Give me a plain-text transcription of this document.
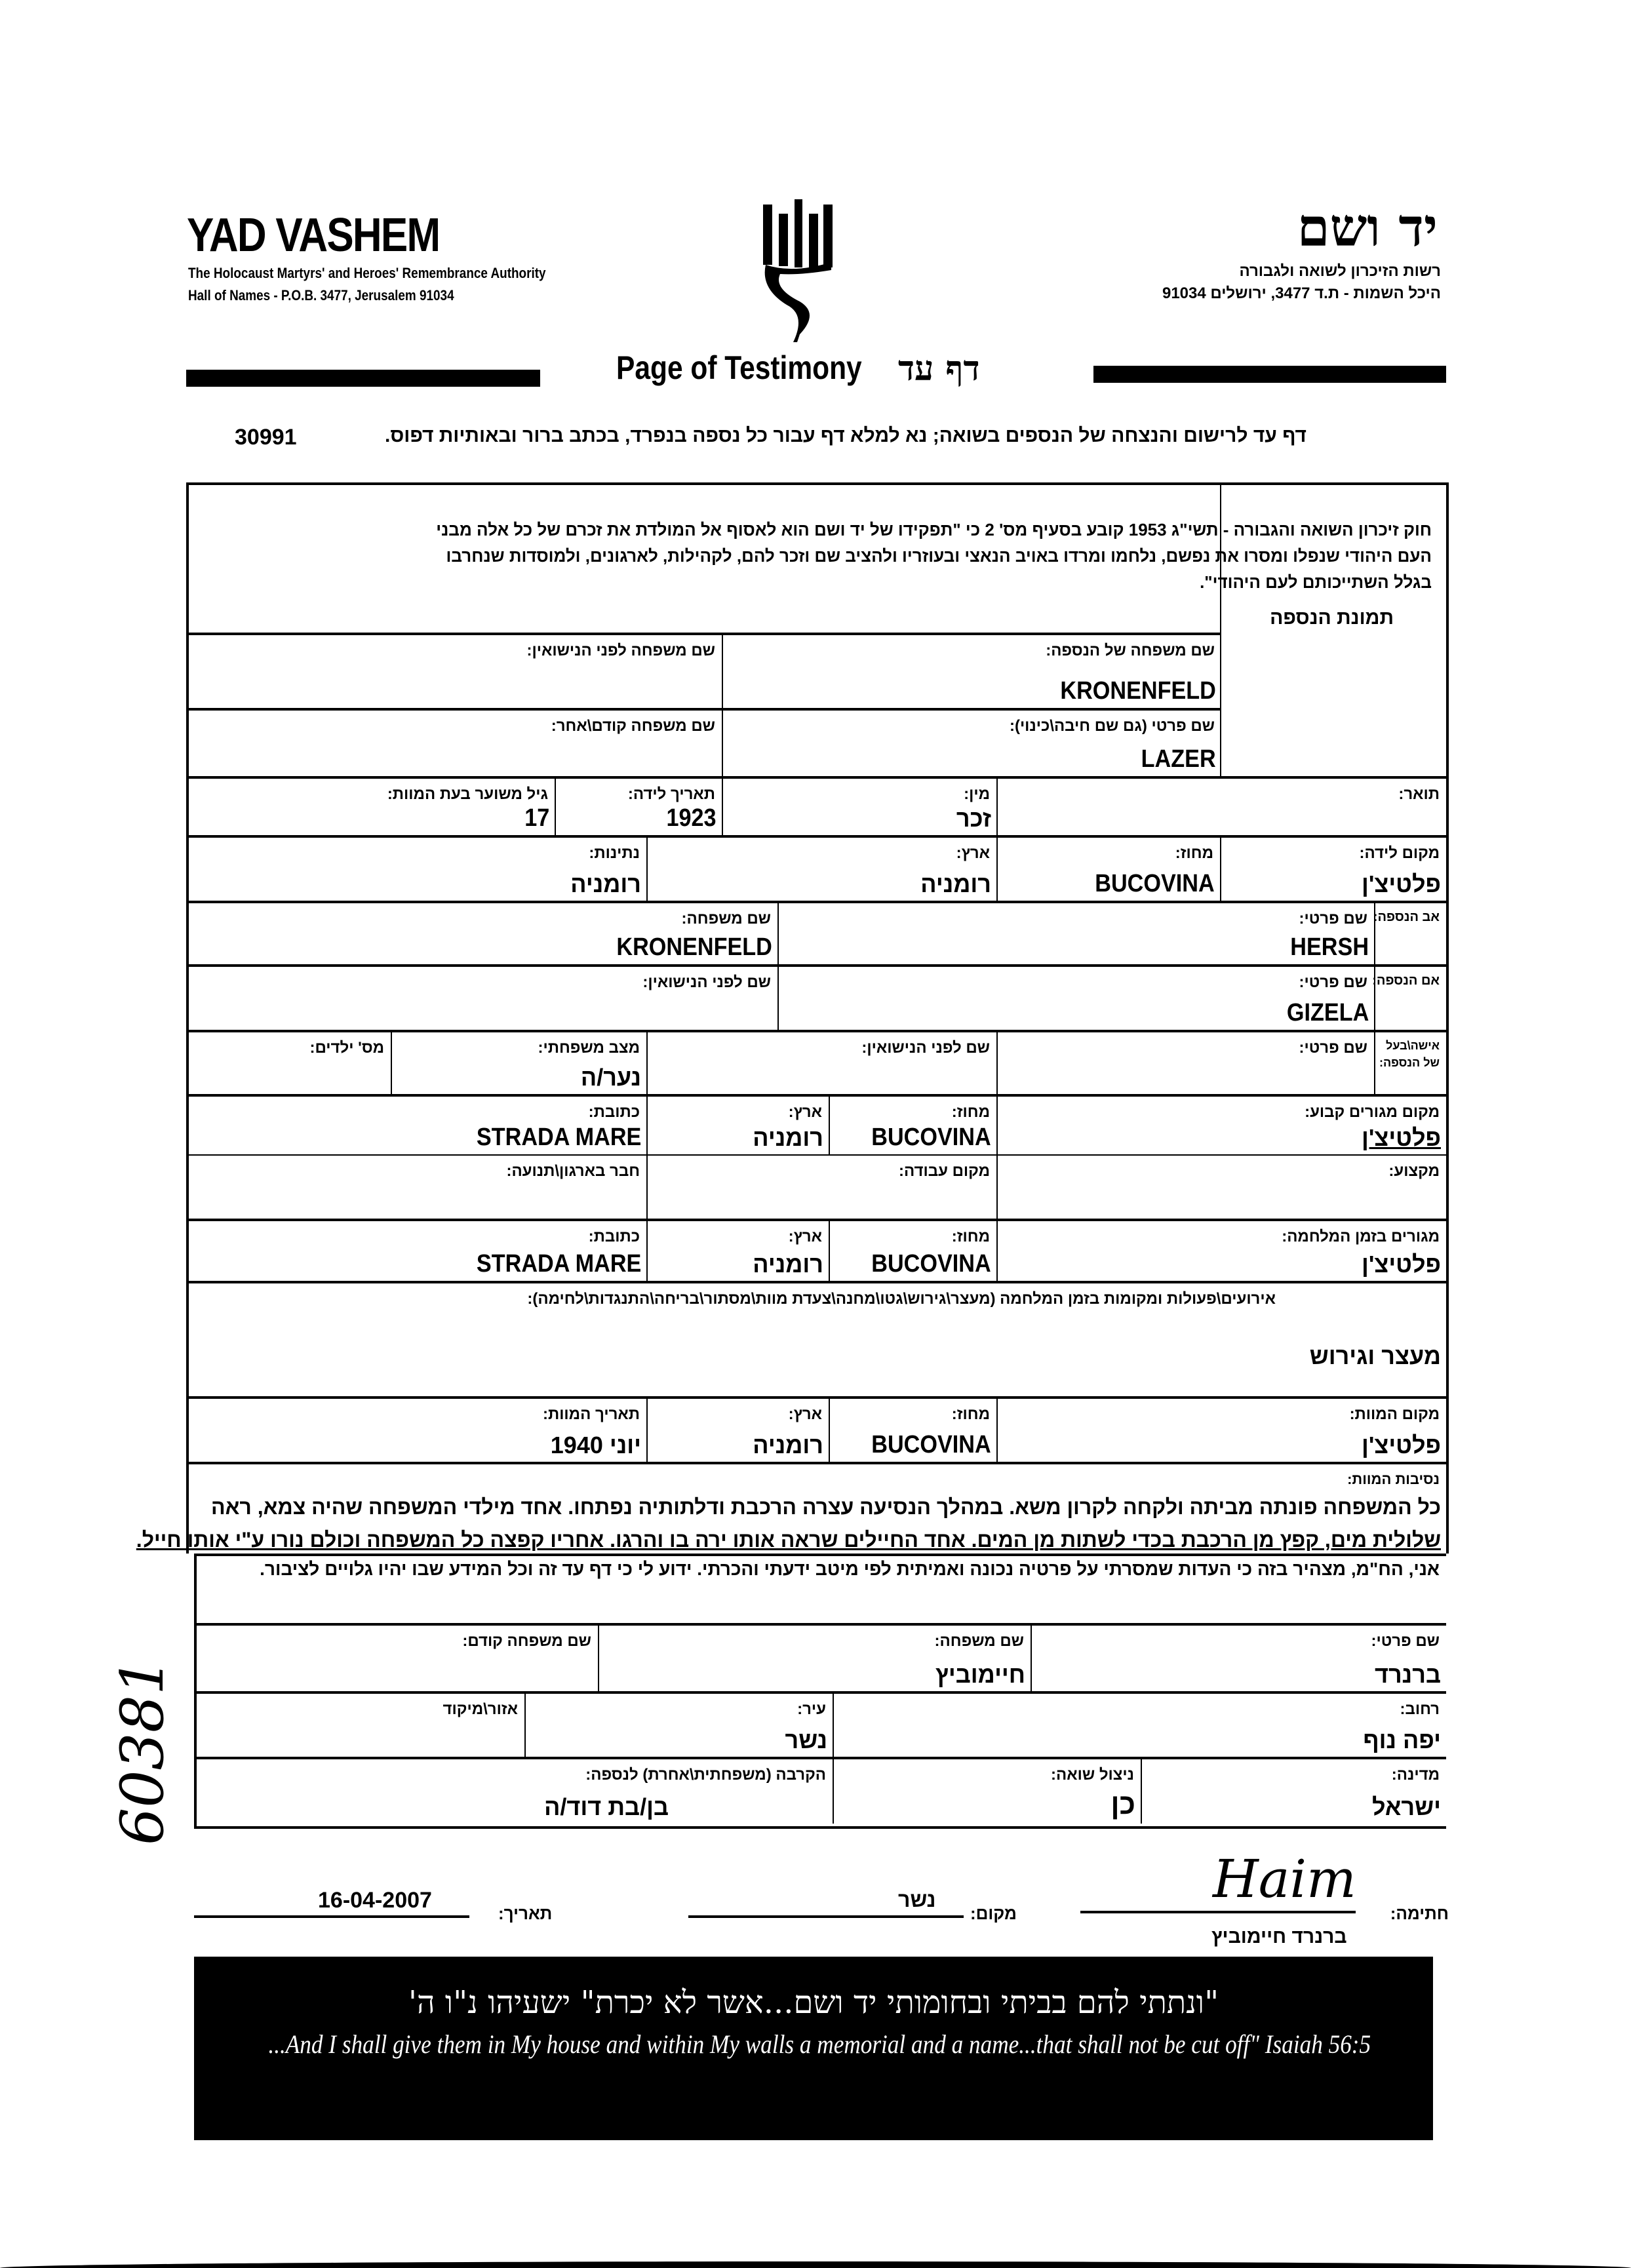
YAD VASHEM
The Holocaust Martyrs' and Heroes' Remembrance Authority
Hall of Names - P.O.B. 3477, Jerusalem 91034
יד ושם
רשות הזיכרון לשואה ולגבורה
היכל השמות - ת.ד 3477, ירושלים 91034
Page of Testimony דף עד
דף עד לרישום והנצחה של הנספים בשואה; נא למלא דף עבור כל נספה בנפרד, בכתב ברור ובאותיות דפוס.
30991
תמונת הנספה
חוק זיכרון השואה והגבורה - תשי"ג 1953 קובע בסעיף מס' 2 כי "תפקידו של יד ושם הוא לאסוף אל המולדת את זכרם של כל אלה מבני העם היהודי שנפלו ומסרו את נפשם, נלחמו ומרדו באויב הנאצי ובעוזריו ולהציב שם וזכר להם, לקהילות, לארגונים, ולמוסדות שנחרבו בגלל השתייכותם לעם היהודי".
שם משפחה של הנספה:
KRONENFELD
שם משפחה לפני הנישואין:
שם פרטי (גם שם חיבה\כינוי):
LAZER
שם משפחה קודם\אחר:
תואר:
מין:
זכר
תאריך לידה:
1923
גיל משוער בעת המוות:
17
מקום לידה:
פלטיצ'ן
מחוז:
BUCOVINA
ארץ:
רומניה
נתינות:
רומניה
אב הנספה:
שם פרטי:
HERSH
שם משפחה:
KRONENFELD
אם הנספה:
שם פרטי:
GIZELA
שם לפני הנישואין:
אישה\בעל
של הנספה:
שם פרטי:
שם לפני הנישואין:
מצב משפחתי:
נער/ה
מס' ילדים:
מקום מגורים קבוע:
פלטיצ'ן
מחוז:
BUCOVINA
ארץ:
רומניה
כתובת:
STRADA MARE
מקצוע:
מקום עבודה:
חבר בארגון\תנועה:
מגורים בזמן המלחמה:
פלטיצ'ן
מחוז:
BUCOVINA
ארץ:
רומניה
כתובת:
STRADA MARE
אירועים\פעולות ומקומות בזמן המלחמה (מעצר\גירוש\גטו\מחנה\צעדת מוות\מסתור\בריחה\התנגדות\לחימה):
מעצר וגירוש
מקום המוות:
פלטיצ'ן
מחוז:
BUCOVINA
ארץ:
רומניה
תאריך המוות:
יוני 1940
נסיבות המוות:
כל המשפחה פונתה מביתה ולקחה לקרון משא. במהלך הנסיעה עצרה הרכבת ודלתותיה נפתחו. אחד מילדי המשפחה שהיה צמא, ראה
שלולית מים, קפץ מן הרכבת בכדי לשתות מן המים. אחד החיילים שראה אותו ירה בו והרגו. אחריו קפצה כל המשפחה וכולם נורו ע"י אותו חייל.
אני, הח"מ, מצהיר בזה כי העדות שמסרתי על פרטיה נכונה ואמיתית לפי מיטב ידעתי והכרתי. ידוע לי כי דף עד זה וכל המידע שבו יהיו גלויים לציבור.
שם פרטי:
ברנרד
שם משפחה:
חיימוביץ
שם משפחה קודם:
רחוב:
יפה נוף
עיר:
נשר
אזור\מיקוד
מדינה:
ישראל
ניצול שואה:
כן
הקרבה (משפחתית\אחרת) לנספה:
בן/בת דוד/ה
חתימה:
Haim
ברנרד חיימוביץ
מקום:
נשר
תאריך:
16-04-2007
"ונתתי להם בביתי ובחומותי יד ושם...אשר לא יכרת" ישעיהו נ"ו ה'
...And I shall give them in My house and within My walls a memorial and a name...that shall not be cut off" Isaiah 56:5
60381
